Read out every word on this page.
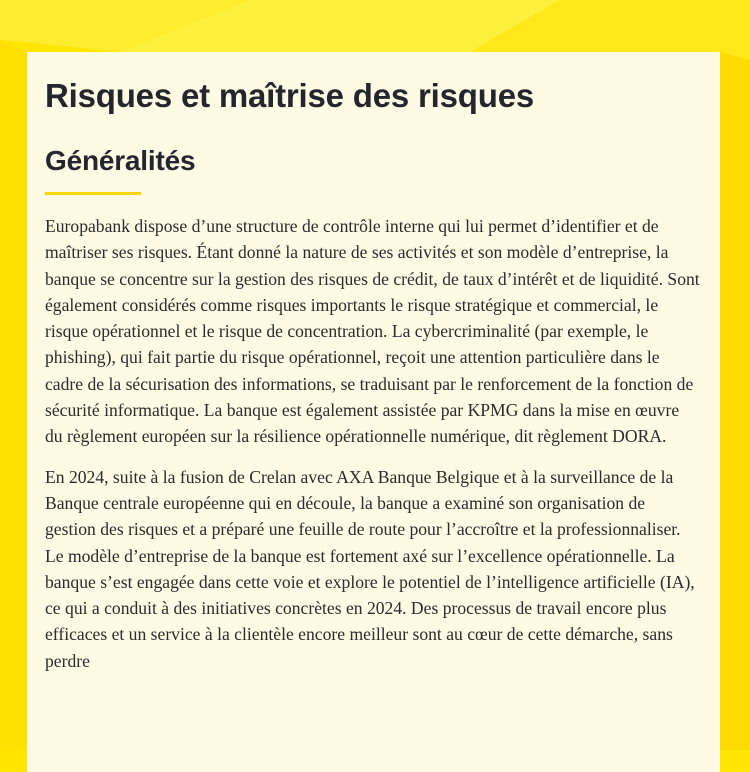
Risques et maîtrise des risques
Généralités

Europabank dispose d’une structure de contrôle interne qui lui permet d’identifier et de maîtriser ses risques. Étant donné la nature de ses activités et son modèle d’entreprise, la banque se concentre sur la gestion des risques de crédit, de taux d’intérêt et de liquidité. Sont également considérés comme risques importants le risque stratégique et commercial, le risque opérationnel et le risque de concentration. La cybercriminalité (par exemple, le phishing), qui fait partie du risque opérationnel, reçoit une attention particulière dans le cadre de la sécurisation des informations, se traduisant par le renforcement de la fonction de sécurité informatique. La banque est également assistée par KPMG dans la mise en œuvre du règlement européen sur la résilience opérationnelle numérique, dit règlement DORA.

En 2024, suite à la fusion de Crelan avec AXA Banque Belgique et à la surveillance de la Banque centrale européenne qui en découle, la banque a examiné son organisation de gestion des risques et a préparé une feuille de route pour l’accroître et la professionnaliser. Le modèle d’entreprise de la banque est fortement axé sur l’excellence opérationnelle. La banque s’est engagée dans cette voie et explore le potentiel de l’intelligence artificielle (IA), ce qui a conduit à des initiatives concrètes en 2024. Des processus de travail encore plus efficaces et un service à la clientèle encore meilleur sont au cœur de cette démarche, sans perdre
